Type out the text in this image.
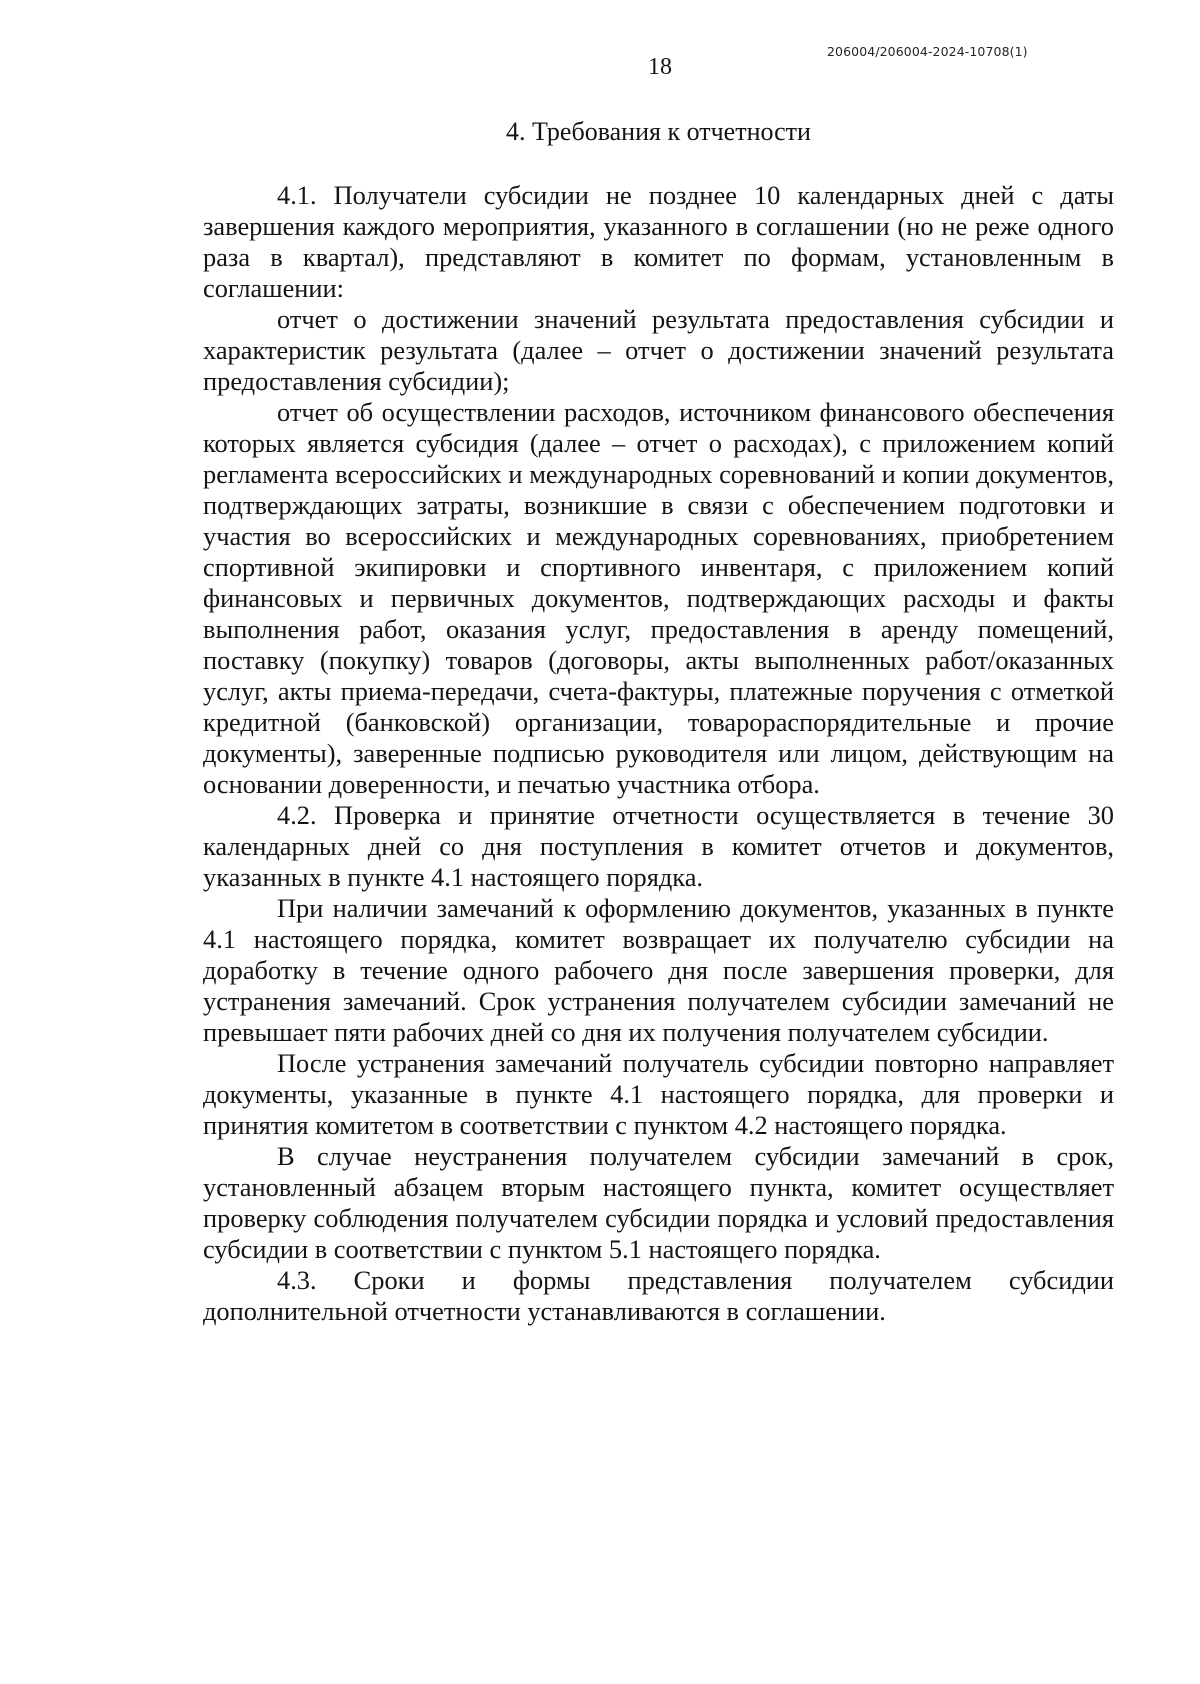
206004/206004-2024-10708(1)
18
4. Требования к отчетности

4.1. Получатели субсидии не позднее 10 календарных дней с даты завершения каждого мероприятия, указанного в соглашении (но не реже одного раза в квартал), представляют в комитет по формам, установленным в соглашении:

отчет о достижении значений результата предоставления субсидии и характеристик результата (далее – отчет о достижении значений результата предоставления субсидии);

отчет об осуществлении расходов, источником финансового обеспечения которых является субсидия (далее – отчет о расходах), с приложением копий регламента всероссийских и международных соревнований и копии документов, подтверждающих затраты, возникшие в связи с обеспечением подготовки и участия во всероссийских и международных соревнованиях, приобретением спортивной экипировки и спортивного инвентаря, с приложением копий финансовых и первичных документов, подтверждающих расходы и факты выполнения работ, оказания услуг, предоставления в аренду помещений, поставку (покупку) товаров (договоры, акты выполненных работ/оказанных услуг, акты приема-передачи, счета-фактуры, платежные поручения с отметкой кредитной (банковской) организации, товарораспорядительные и прочие документы), заверенные подписью руководителя или лицом, действующим на основании доверенности, и печатью участника отбора.

4.2. Проверка и принятие отчетности осуществляется в течение 30 календарных дней со дня поступления в комитет отчетов и документов, указанных в пункте 4.1 настоящего порядка.

При наличии замечаний к оформлению документов, указанных в пункте 4.1 настоящего порядка, комитет возвращает их получателю субсидии на доработку в течение одного рабочего дня после завершения проверки, для устранения замечаний. Срок устранения получателем субсидии замечаний не превышает пяти рабочих дней со дня их получения получателем субсидии.

После устранения замечаний получатель субсидии повторно направляет документы, указанные в пункте 4.1 настоящего порядка, для проверки и принятия комитетом в соответствии с пунктом 4.2 настоящего порядка.

В случае неустранения получателем субсидии замечаний в срок, установленный абзацем вторым настоящего пункта, комитет осуществляет проверку соблюдения получателем субсидии порядка и условий предоставления субсидии в соответствии с пунктом 5.1 настоящего порядка.

4.3. Сроки и формы представления получателем субсидии дополнительной отчетности устанавливаются в соглашении.
